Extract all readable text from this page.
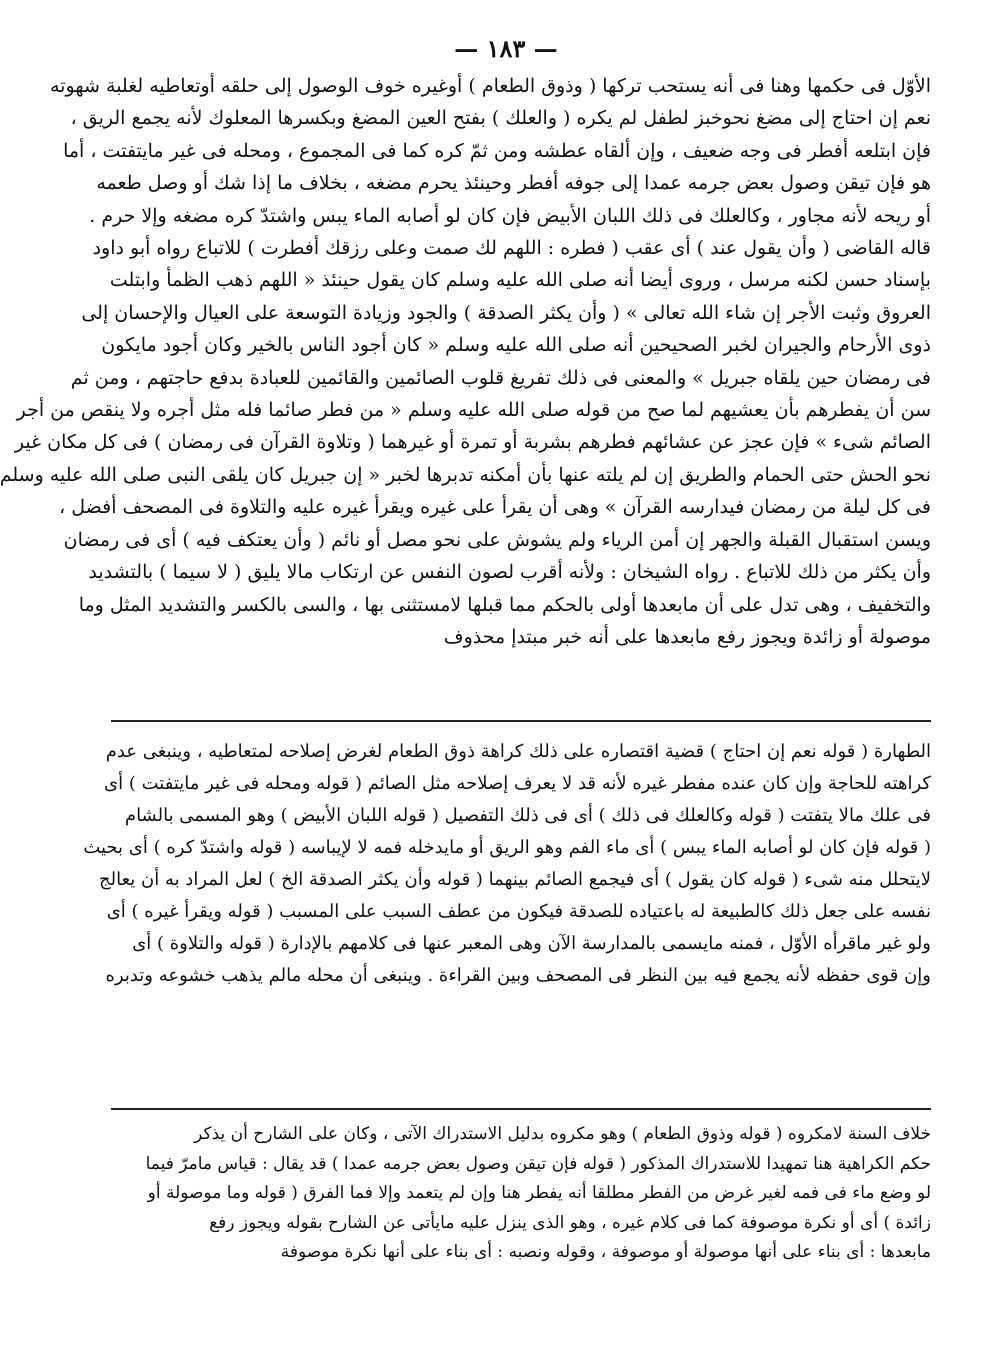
— ١٨٣ —
الأوّل فى حكمها وهنا فى أنه يستحب تركها ( وذوق الطعام ) أوغيره خوف الوصول إلى حلقه أوتعاطيه لغلبة شهوته
نعم إن احتاج إلى مضغ نحوخبز لطفل لم يكره ( والعلك ) بفتح العين المضغ وبكسرها المعلوك لأنه يجمع الريق ،
فإن ابتلعه أفطر فى وجه ضعيف ، وإن ألقاه عطشه ومن ثمّ كره كما فى المجموع ، ومحله فى غير مايتفتت ، أما
هو فإن تيقن وصول بعض جرمه عمدا إلى جوفه أفطر وحينئذ يحرم مضغه ، بخلاف ما إذا شك أو وصل طعمه
أو ريحه لأنه مجاور ، وكالعلك فى ذلك اللبان الأبيض فإن كان لو أصابه الماء يبس واشتدّ كره مضغه وإلا حرم .
قاله القاضى ( وأن يقول عند ) أى عقب ( فطره : اللهم لك صمت وعلى رزقك أفطرت ) للاتباع رواه أبو داود
بإسناد حسن لكنه مرسل ، وروى أيضا أنه صلى الله عليه وسلم كان يقول حينئذ « اللهم ذهب الظمأ وابتلت
العروق وثبت الأجر إن شاء الله تعالى » ( وأن يكثر الصدقة ) والجود وزيادة التوسعة على العيال والإحسان إلى
ذوى الأرحام والجيران لخبر الصحيحين أنه صلى الله عليه وسلم « كان أجود الناس بالخير وكان أجود مايكون
فى رمضان حين يلقاه جبريل » والمعنى فى ذلك تفريغ قلوب الصائمين والقائمين للعبادة بدفع حاجتهم ، ومن ثم
سن أن يفطرهم بأن يعشيهم لما صح من قوله صلى الله عليه وسلم « من فطر صائما فله مثل أجره ولا ينقص من أجر
الصائم شىء » فإن عجز عن عشائهم فطرهم بشربة أو تمرة أو غيرهما ( وتلاوة القرآن فى رمضان ) فى كل مكان غير
نحو الحش حتى الحمام والطريق إن لم يلته عنها بأن أمكنه تدبرها لخبر « إن جبريل كان يلقى النبى صلى الله عليه وسلم
فى كل ليلة من رمضان فيدارسه القرآن » وهى أن يقرأ على غيره ويقرأ غيره عليه والتلاوة فى المصحف أفضل ،
ويسن استقبال القبلة والجهر إن أمن الرياء ولم يشوش على نحو مصل أو نائم ( وأن يعتكف فيه ) أى فى رمضان
وأن يكثر من ذلك للاتباع . رواه الشيخان : ولأنه أقرب لصون النفس عن ارتكاب مالا يليق ( لا سيما ) بالتشديد
والتخفيف ، وهى تدل على أن مابعدها أولى بالحكم مما قبلها لامستثنى بها ، والسى بالكسر والتشديد المثل وما
موصولة أو زائدة ويجوز رفع مابعدها على أنه خبر مبتدإ محذوف
الطهارة ( قوله نعم إن احتاج ) قضية اقتصاره على ذلك كراهة ذوق الطعام لغرض إصلاحه لمتعاطيه ، وينبغى عدم
كراهته للحاجة وإن كان عنده مفطر غيره لأنه قد لا يعرف إصلاحه مثل الصائم ( قوله ومحله فى غير مايتفتت ) أى
فى علك مالا يتفتت ( قوله وكالعلك فى ذلك ) أى فى ذلك التفصيل ( قوله اللبان الأبيض ) وهو المسمى بالشام
( قوله فإن كان لو أصابه الماء يبس ) أى ماء الفم وهو الريق أو مايدخله فمه لا لإيباسه ( قوله واشتدّ كره ) أى بحيث
لايتحلل منه شىء ( قوله كان يقول ) أى فيجمع الصائم بينهما ( قوله وأن يكثر الصدقة الخ ) لعل المراد به أن يعالج
نفسه على جعل ذلك كالطبيعة له باعتياده للصدقة فيكون من عطف السبب على المسبب ( قوله ويقرأ غيره ) أى
ولو غير ماقرأه الأوّل ، فمنه مايسمى بالمدارسة الآن وهى المعبر عنها فى كلامهم بالإدارة ( قوله والتلاوة ) أى
وإن قوى حفظه لأنه يجمع فيه بين النظر فى المصحف وبين القراءة . وينبغى أن محله مالم يذهب خشوعه وتدبره
خلاف السنة لامكروه ( قوله وذوق الطعام ) وهو مكروه بدليل الاستدراك الآتى ، وكان على الشارح أن يذكر
حكم الكراهية هنا تمهيدا للاستدراك المذكور ( قوله فإن تيقن وصول بعض جرمه عمدا ) قد يقال : قياس مامرّ فيما
لو وضع ماء فى فمه لغير غرض من الفطر مطلقا أنه يفطر هنا وإن لم يتعمد وإلا فما الفرق ( قوله وما موصولة أو
زائدة ) أى أو نكرة موصوفة كما فى كلام غيره ، وهو الذى ينزل عليه مايأتى عن الشارح بقوله ويجوز رفع
مابعدها : أى بناء على أنها موصولة أو موصوفة ، وقوله ونصبه : أى بناء على أنها نكرة موصوفة
